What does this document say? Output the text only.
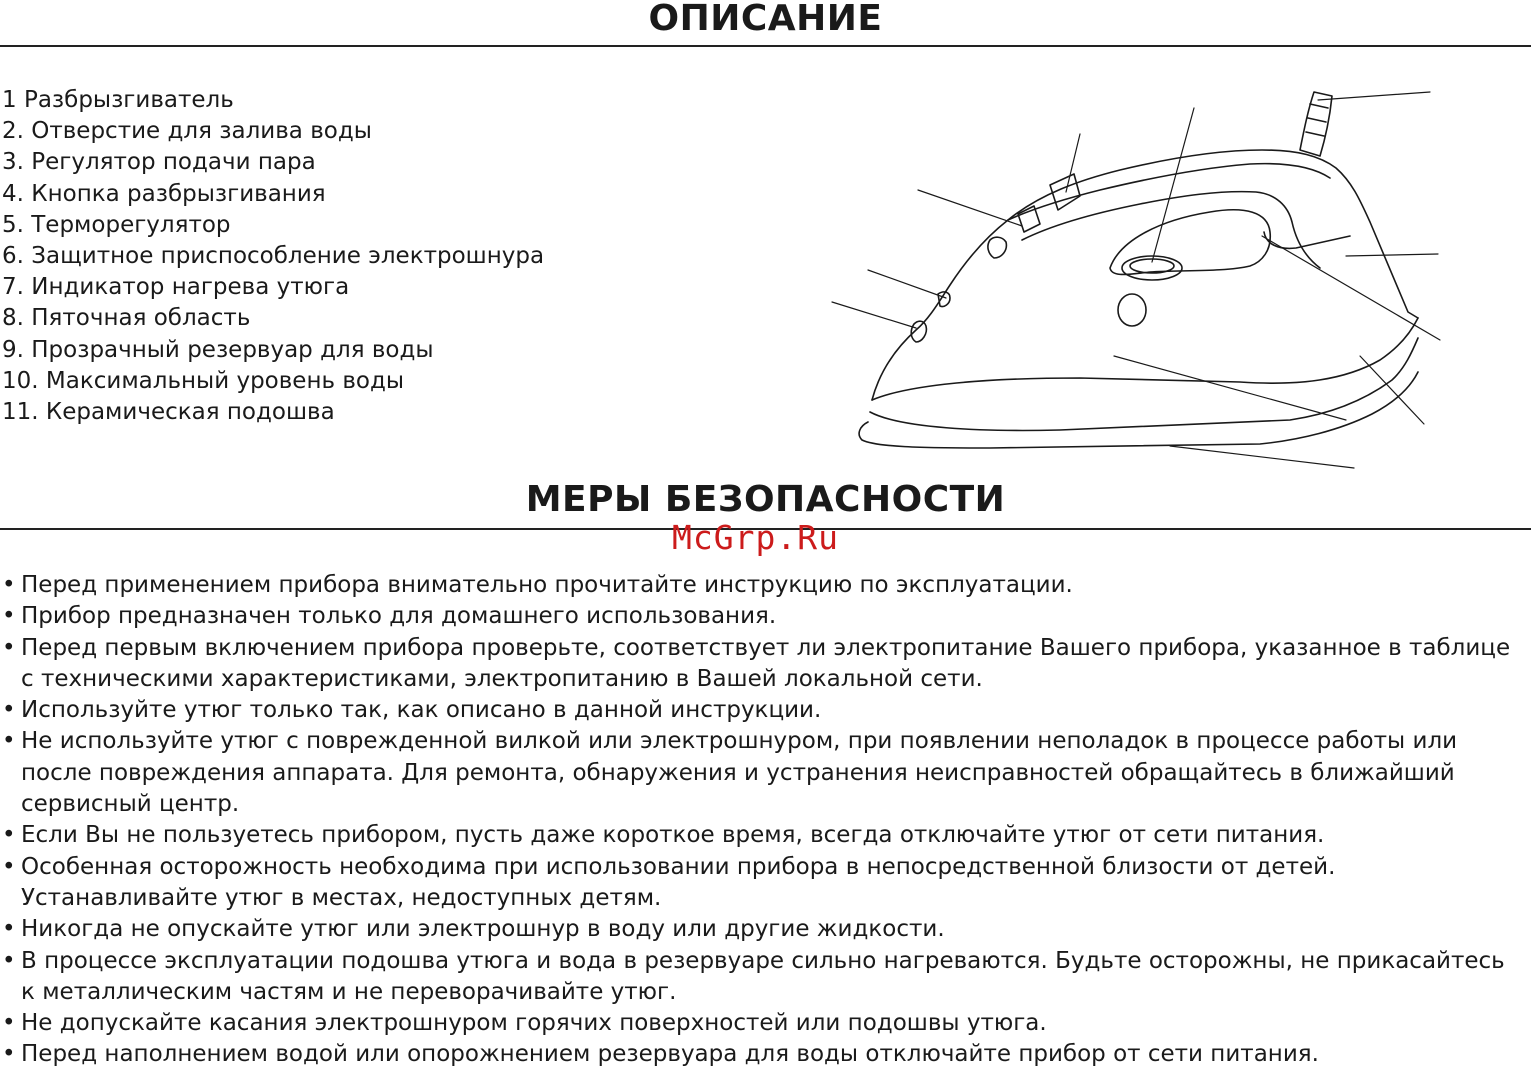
ОПИСАНИЕ
1 Разбрызгиватель
2. Отверстие для залива воды
3. Регулятор подачи пара
4. Кнопка разбрызгивания
5. Терморегулятор
6. Защитное приспособление электрошнура
7. Индикатор нагрева утюга
8. Пяточная область
9. Прозрачный резервуар для воды
10. Максимальный уровень воды
11. Керамическая подошва
МЕРЫ БЕЗОПАСНОСТИ
McGrp.Ru
• Перед применением прибора внимательно прочитайте инструкцию по эксплуатации.
• Прибор предназначен только для домашнего использования.
• Перед первым включением прибора проверьте, соответствует ли электропитание Вашего прибора, указанное в таблице с техническими характеристиками, электропитанию в Вашей локальной сети.
• Используйте утюг только так, как описано в данной инструкции.
• Не используйте утюг с поврежденной вилкой или электрошнуром, при появлении неполадок в процессе работы или после повреждения аппарата. Для ремонта, обнаружения и устранения неисправностей обращайтесь в ближайший сервисный центр.
• Если Вы не пользуетесь прибором, пусть даже короткое время, всегда отключайте утюг от сети питания.
• Особенная осторожность необходима при использовании прибора в непосредственной близости от детей. Устанавливайте утюг в местах, недоступных детям.
• Никогда не опускайте утюг или электрошнур в воду или другие жидкости.
• В процессе эксплуатации подошва утюга и вода в резервуаре сильно нагреваются. Будьте осторожны, не прикасайтесь к металлическим частям и не переворачивайте утюг.
• Не допускайте касания электрошнуром горячих поверхностей или подошвы утюга.
• Перед наполнением водой или опорожнением резервуара для воды отключайте прибор от сети питания.
